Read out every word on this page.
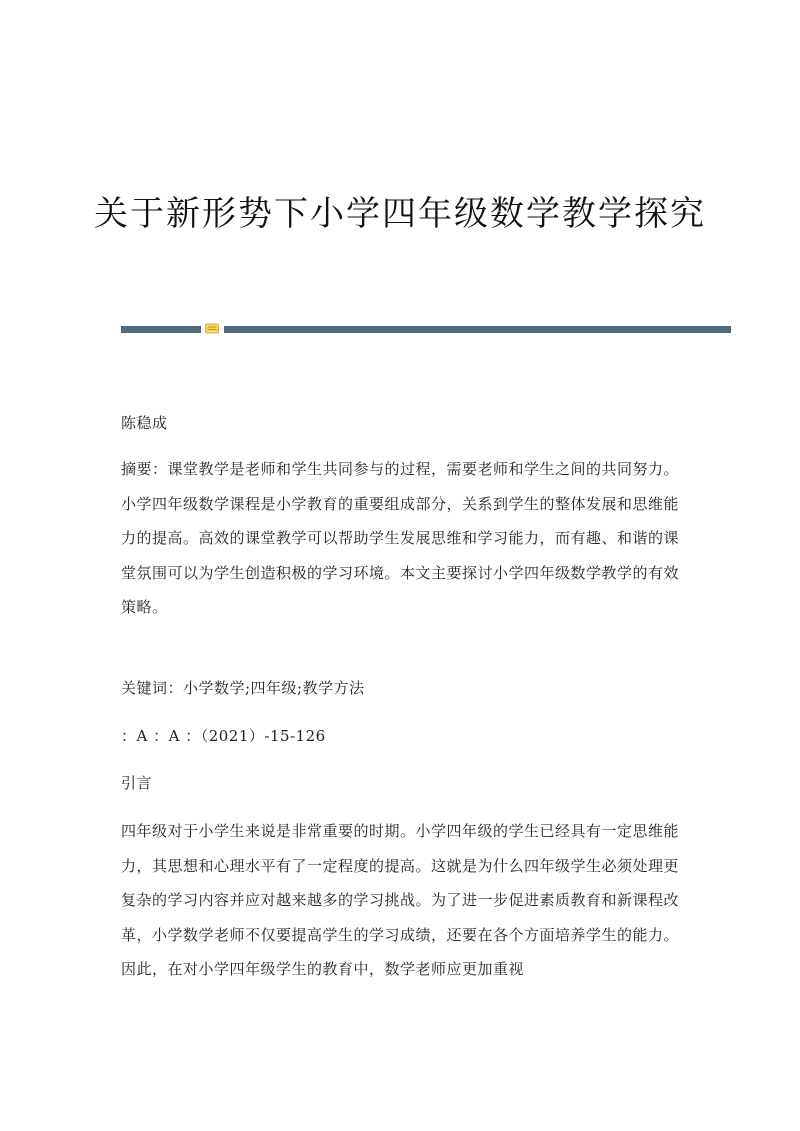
关于新形势下小学四年级数学教学探究
陈稳成
摘要：课堂教学是老师和学生共同参与的过程，需要老师和学生之间的共同努力。小学四年级数学课程是小学教育的重要组成部分，关系到学生的整体发展和思维能力的提高。高效的课堂教学可以帮助学生发展思维和学习能力，而有趣、和谐的课堂氛围可以为学生创造积极的学习环境。本文主要探讨小学四年级数学教学的有效策略。
关键词：小学数学;四年级;教学方法
：A ：A ：（2021）-15-126
引言
四年级对于小学生来说是非常重要的时期。小学四年级的学生已经具有一定思维能力，其思想和心理水平有了一定程度的提高。这就是为什么四年级学生必须处理更复杂的学习内容并应对越来越多的学习挑战。为了进一步促进素质教育和新课程改革，小学数学老师不仅要提高学生的学习成绩，还要在各个方面培养学生的能力。因此，在对小学四年级学生的教育中，数学老师应更加重视
